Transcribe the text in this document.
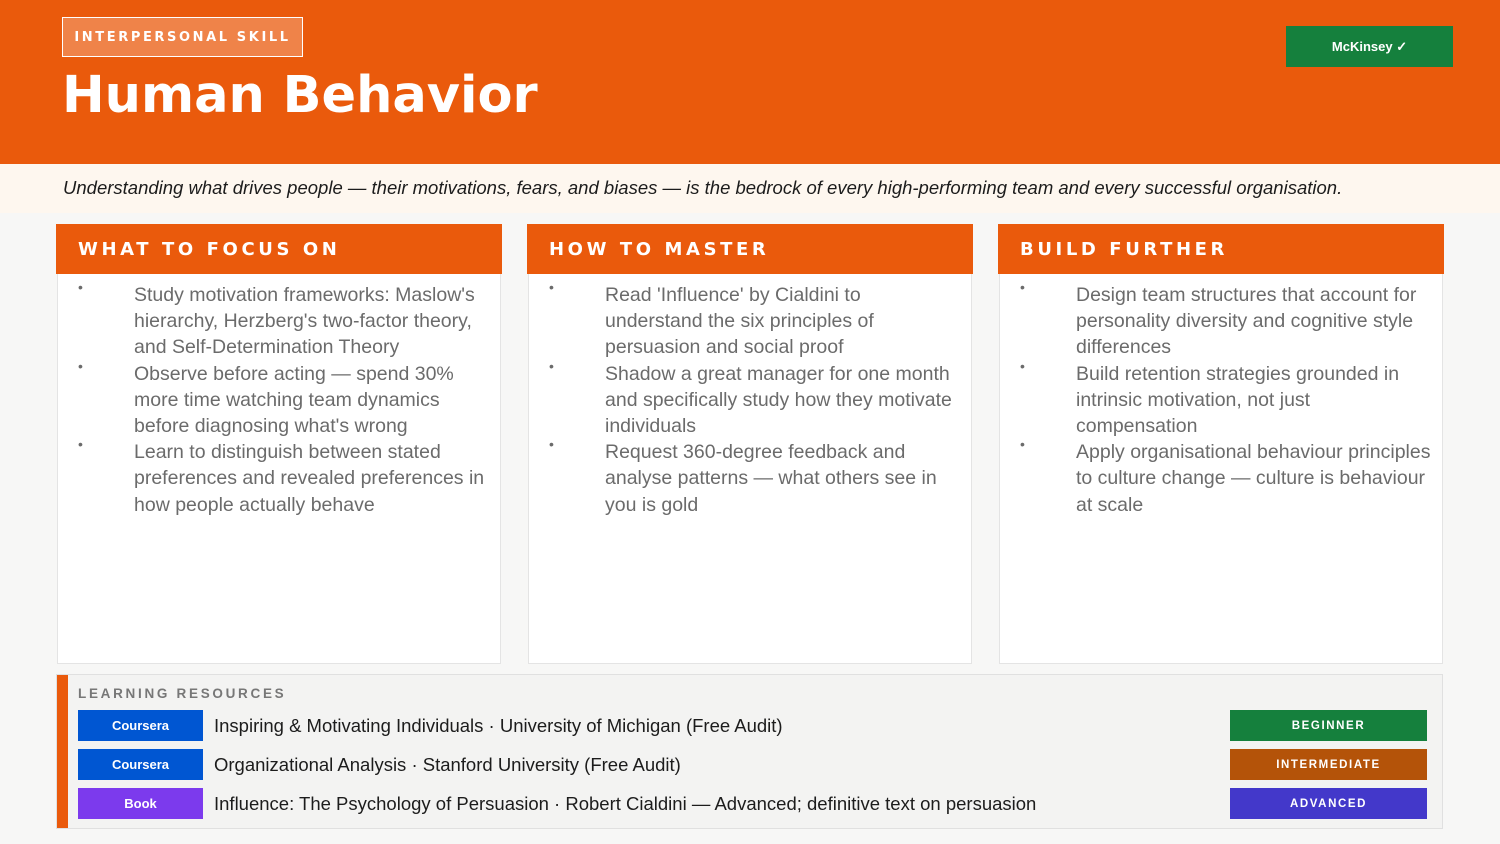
INTERPERSONAL SKILL
Human Behavior
McKinsey ✓
Understanding what drives people — their motivations, fears, and biases — is the bedrock of every high-performing team and every successful organisation.
WHAT TO FOCUS ON
•	Study motivation frameworks: Maslow's hierarchy, Herzberg's two-factor theory, and Self-Determination Theory
•	Observe before acting — spend 30% more time watching team dynamics before diagnosing what's wrong
•	Learn to distinguish between stated preferences and revealed preferences in how people actually behave
HOW TO MASTER
•	Read 'Influence' by Cialdini to understand the six principles of persuasion and social proof
•	Shadow a great manager for one month and specifically study how they motivate individuals
•	Request 360-degree feedback and analyse patterns — what others see in you is gold
BUILD FURTHER
•	Design team structures that account for personality diversity and cognitive style differences
•	Build retention strategies grounded in intrinsic motivation, not just compensation
•	Apply organisational behaviour principles to culture change — culture is behaviour at scale
LEARNING RESOURCES
Coursera	Inspiring & Motivating Individuals · University of Michigan (Free Audit)	BEGINNER
Coursera	Organizational Analysis · Stanford University (Free Audit)	INTERMEDIATE
Book	Influence: The Psychology of Persuasion · Robert Cialdini — Advanced; definitive text on persuasion	ADVANCED
